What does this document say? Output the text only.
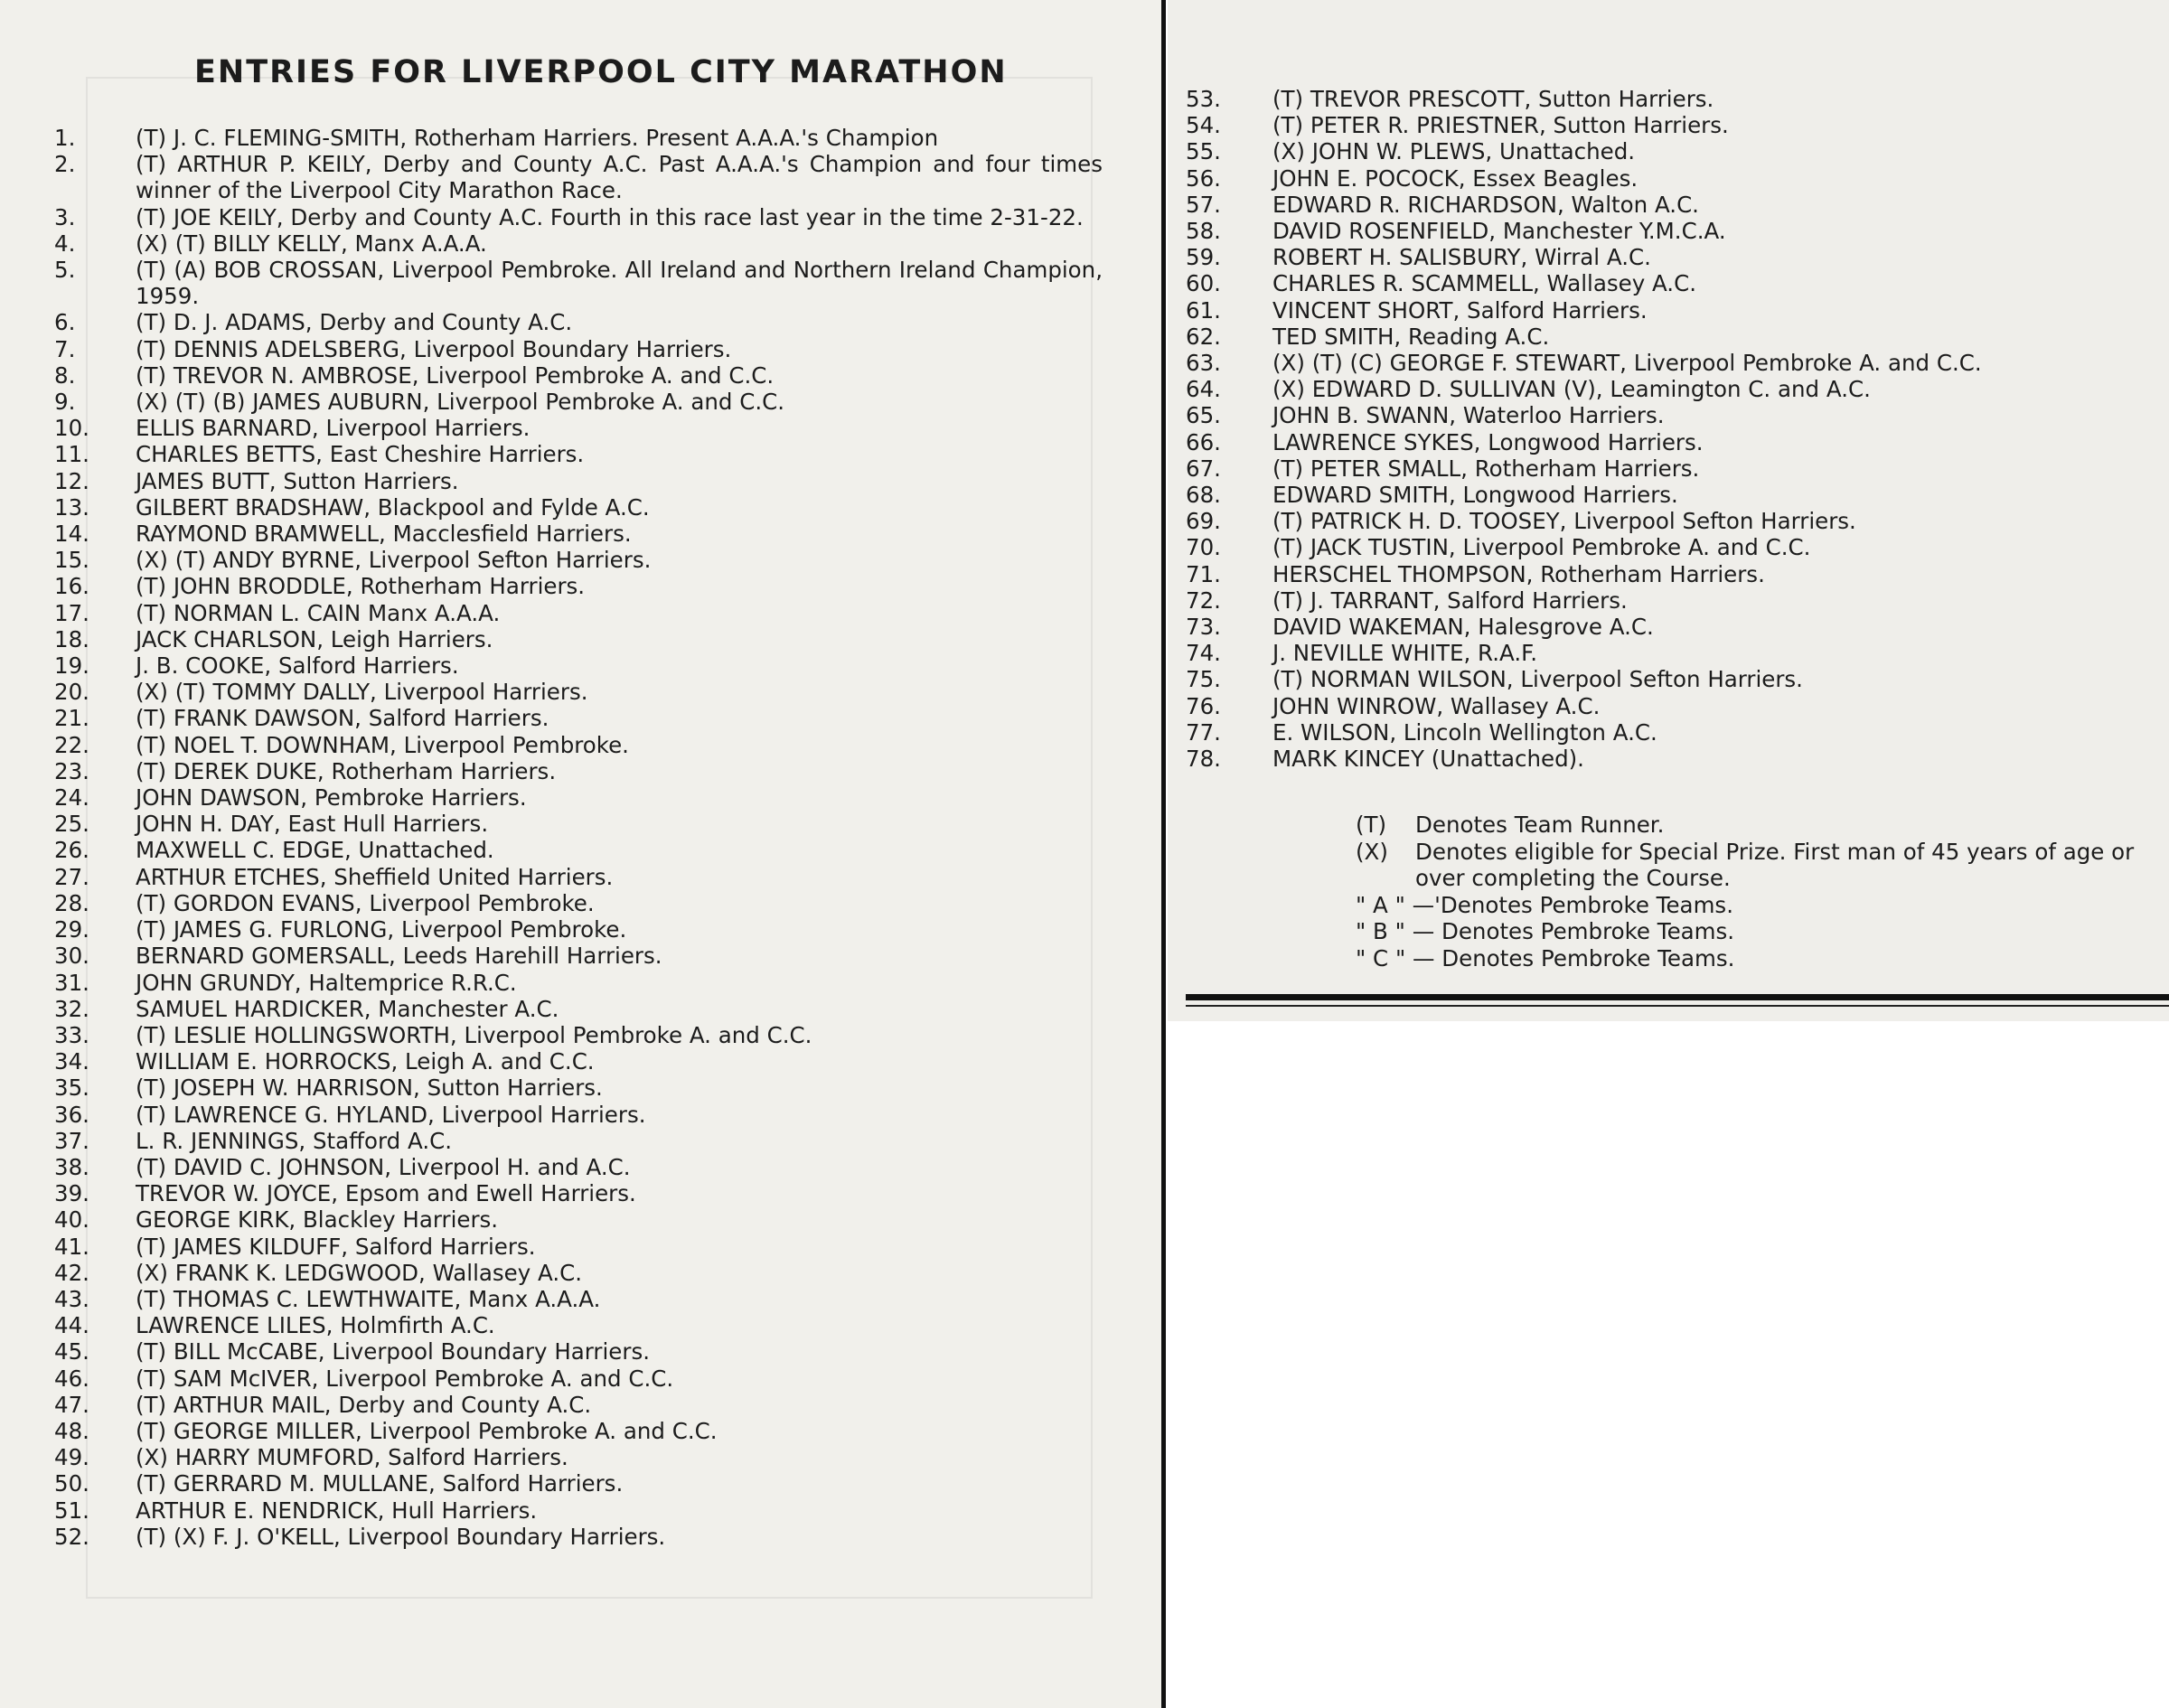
ENTRIES FOR LIVERPOOL CITY MARATHON
1.	(T) J. C. FLEMING-SMITH, Rotherham Harriers. Present A.A.A.'s Champion
2.	(T) ARTHUR P. KEILY, Derby and County A.C. Past A.A.A.'s Champion and four times winner of the Liverpool City Marathon Race.
3.	(T) JOE KEILY, Derby and County A.C. Fourth in this race last year in the time 2-31-22.
4.	(X) (T) BILLY KELLY, Manx A.A.A.
5.	(T) (A) BOB CROSSAN, Liverpool Pembroke. All Ireland and Northern Ireland Champion, 1959.
6.	(T) D. J. ADAMS, Derby and County A.C.
7.	(T) DENNIS ADELSBERG, Liverpool Boundary Harriers.
8.	(T) TREVOR N. AMBROSE, Liverpool Pembroke A. and C.C.
9.	(X) (T) (B) JAMES AUBURN, Liverpool Pembroke A. and C.C.
10.	ELLIS BARNARD, Liverpool Harriers.
11.	CHARLES BETTS, East Cheshire Harriers.
12.	JAMES BUTT, Sutton Harriers.
13.	GILBERT BRADSHAW, Blackpool and Fylde A.C.
14.	RAYMOND BRAMWELL, Macclesfield Harriers.
15.	(X) (T) ANDY BYRNE, Liverpool Sefton Harriers.
16.	(T) JOHN BRODDLE, Rotherham Harriers.
17.	(T) NORMAN L. CAIN Manx A.A.A.
18.	JACK CHARLSON, Leigh Harriers.
19.	J. B. COOKE, Salford Harriers.
20.	(X) (T) TOMMY DALLY, Liverpool Harriers.
21.	(T) FRANK DAWSON, Salford Harriers.
22.	(T) NOEL T. DOWNHAM, Liverpool Pembroke.
23.	(T) DEREK DUKE, Rotherham Harriers.
24.	JOHN DAWSON, Pembroke Harriers.
25.	JOHN H. DAY, East Hull Harriers.
26.	MAXWELL C. EDGE, Unattached.
27.	ARTHUR ETCHES, Sheffield United Harriers.
28.	(T) GORDON EVANS, Liverpool Pembroke.
29.	(T) JAMES G. FURLONG, Liverpool Pembroke.
30.	BERNARD GOMERSALL, Leeds Harehill Harriers.
31.	JOHN GRUNDY, Haltemprice R.R.C.
32.	SAMUEL HARDICKER, Manchester A.C.
33.	(T) LESLIE HOLLINGSWORTH, Liverpool Pembroke A. and C.C.
34.	WILLIAM E. HORROCKS, Leigh A. and C.C.
35.	(T) JOSEPH W. HARRISON, Sutton Harriers.
36.	(T) LAWRENCE G. HYLAND, Liverpool Harriers.
37.	L. R. JENNINGS, Stafford A.C.
38.	(T) DAVID C. JOHNSON, Liverpool H. and A.C.
39.	TREVOR W. JOYCE, Epsom and Ewell Harriers.
40.	GEORGE KIRK, Blackley Harriers.
41.	(T) JAMES KILDUFF, Salford Harriers.
42.	(X) FRANK K. LEDGWOOD, Wallasey A.C.
43.	(T) THOMAS C. LEWTHWAITE, Manx A.A.A.
44.	LAWRENCE LILES, Holmfirth A.C.
45.	(T) BILL McCABE, Liverpool Boundary Harriers.
46.	(T) SAM McIVER, Liverpool Pembroke A. and C.C.
47.	(T) ARTHUR MAIL, Derby and County A.C.
48.	(T) GEORGE MILLER, Liverpool Pembroke A. and C.C.
49.	(X) HARRY MUMFORD, Salford Harriers.
50.	(T) GERRARD M. MULLANE, Salford Harriers.
51.	ARTHUR E. NENDRICK, Hull Harriers.
52.	(T) (X) F. J. O'KELL, Liverpool Boundary Harriers.
53.	(T) TREVOR PRESCOTT, Sutton Harriers.
54.	(T) PETER R. PRIESTNER, Sutton Harriers.
55.	(X) JOHN W. PLEWS, Unattached.
56.	JOHN E. POCOCK, Essex Beagles.
57.	EDWARD R. RICHARDSON, Walton A.C.
58.	DAVID ROSENFIELD, Manchester Y.M.C.A.
59.	ROBERT H. SALISBURY, Wirral A.C.
60.	CHARLES R. SCAMMELL, Wallasey A.C.
61.	VINCENT SHORT, Salford Harriers.
62.	TED SMITH, Reading A.C.
63.	(X) (T) (C) GEORGE F. STEWART, Liverpool Pembroke A. and C.C.
64.	(X) EDWARD D. SULLIVAN (V), Leamington C. and A.C.
65.	JOHN B. SWANN, Waterloo Harriers.
66.	LAWRENCE SYKES, Longwood Harriers.
67.	(T) PETER SMALL, Rotherham Harriers.
68.	EDWARD SMITH, Longwood Harriers.
69.	(T) PATRICK H. D. TOOSEY, Liverpool Sefton Harriers.
70.	(T) JACK TUSTIN, Liverpool Pembroke A. and C.C.
71.	HERSCHEL THOMPSON, Rotherham Harriers.
72.	(T) J. TARRANT, Salford Harriers.
73.	DAVID WAKEMAN, Halesgrove A.C.
74.	J. NEVILLE WHITE, R.A.F.
75.	(T) NORMAN WILSON, Liverpool Sefton Harriers.
76.	JOHN WINROW, Wallasey A.C.
77.	E. WILSON, Lincoln Wellington A.C.
78.	MARK KINCEY (Unattached).
(T)	Denotes Team Runner.
(X)	Denotes eligible for Special Prize. First man of 45 years of age or over completing the Course.
" A " —'Denotes Pembroke Teams.
" B " — Denotes Pembroke Teams.
" C " — Denotes Pembroke Teams.
